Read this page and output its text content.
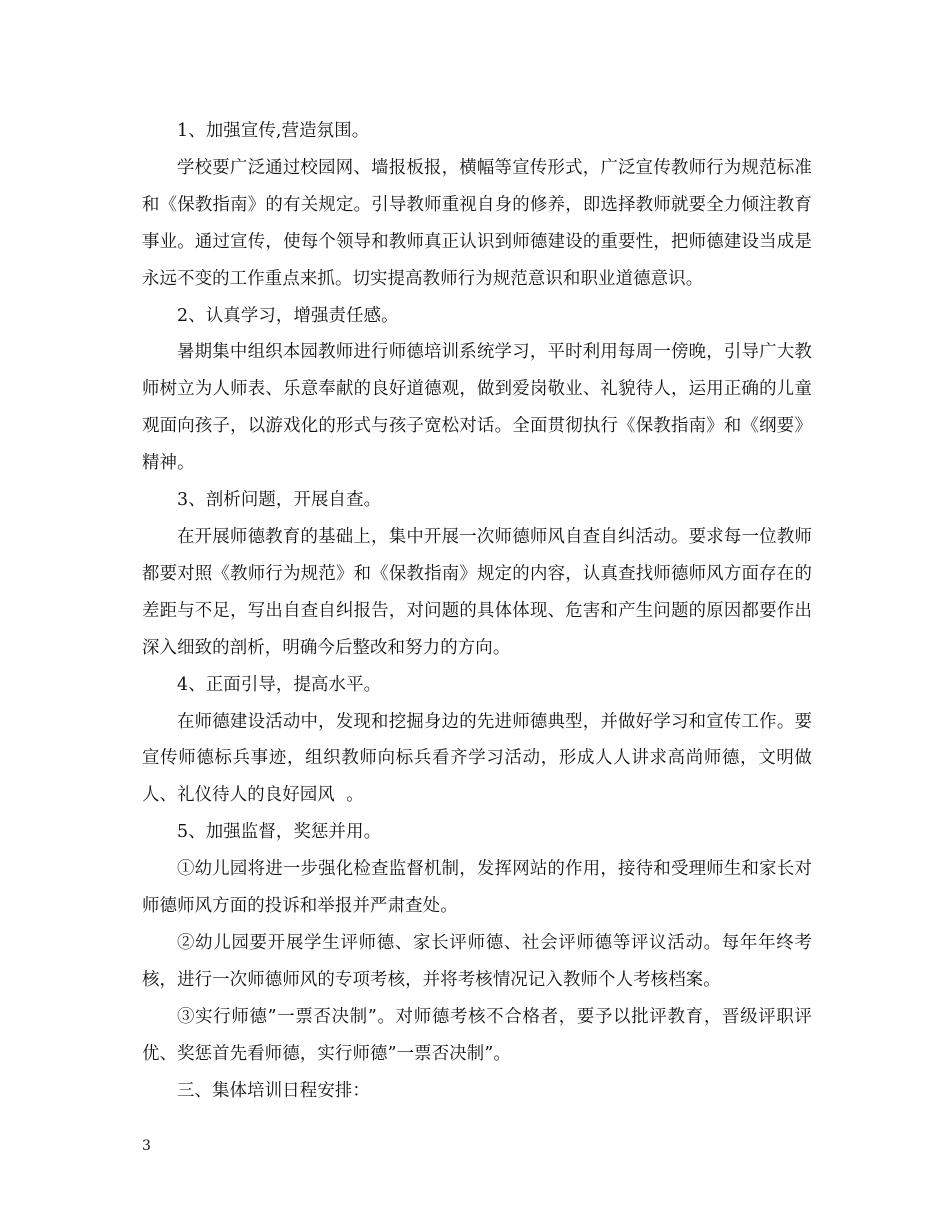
1、加强宣传,营造氛围。

学校要广泛通过校园网、墙报板报，横幅等宣传形式，广泛宣传教师行为规范标准和《保教指南》的有关规定。引导教师重视自身的修养，即选择教师就要全力倾注教育事业。通过宣传，使每个领导和教师真正认识到师德建设的重要性，把师德建设当成是永远不变的工作重点来抓。切实提高教师行为规范意识和职业道德意识。

2、认真学习，增强责任感。

暑期集中组织本园教师进行师德培训系统学习，平时利用每周一傍晚，引导广大教师树立为人师表、乐意奉献的良好道德观，做到爱岗敬业、礼貌待人，运用正确的儿童观面向孩子，以游戏化的形式与孩子宽松对话。全面贯彻执行《保教指南》和《纲要》精神。

3、剖析问题，开展自查。

在开展师德教育的基础上，集中开展一次师德师风自查自纠活动。要求每一位教师都要对照《教师行为规范》和《保教指南》规定的内容，认真查找师德师风方面存在的差距与不足，写出自查自纠报告，对问题的具体体现、危害和产生问题的原因都要作出深入细致的剖析，明确今后整改和努力的方向。

4、正面引导，提高水平。

在师德建设活动中，发现和挖掘身边的先进师德典型，并做好学习和宣传工作。要宣传师德标兵事迹，组织教师向标兵看齐学习活动，形成人人讲求高尚师德，文明做人、礼仪待人的良好园风  。

5、加强监督，奖惩并用。

①幼儿园将进一步强化检查监督机制，发挥网站的作用，接待和受理师生和家长对师德师风方面的投诉和举报并严肃查处。

②幼儿园要开展学生评师德、家长评师德、社会评师德等评议活动。每年年终考核，进行一次师德师风的专项考核，并将考核情况记入教师个人考核档案。

③实行师德”一票否决制”。对师德考核不合格者，要予以批评教育，晋级评职评优、奖惩首先看师德，实行师德”一票否决制”。

三、集体培训日程安排：

3
